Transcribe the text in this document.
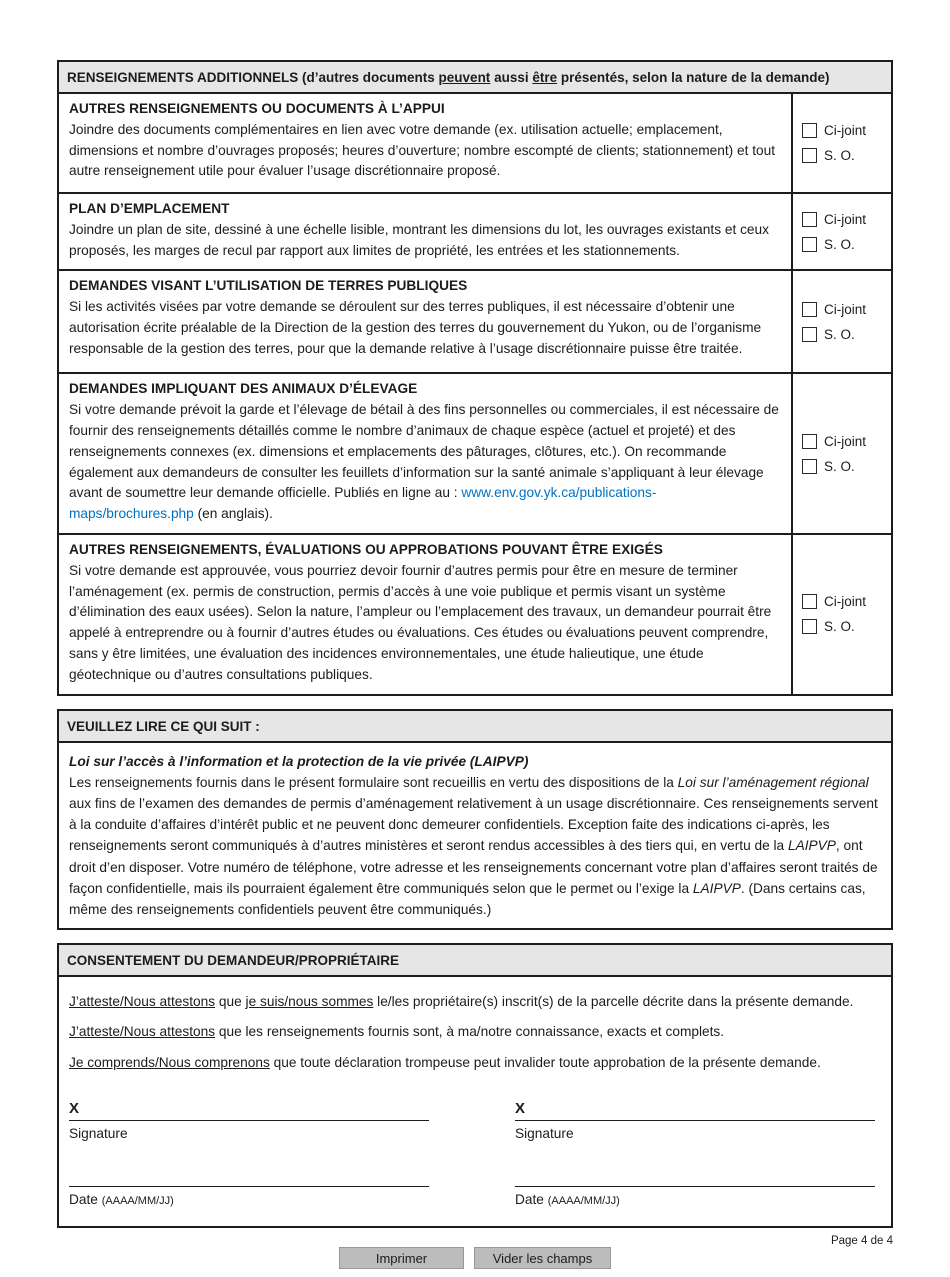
RENSEIGNEMENTS ADDITIONNELS (d’autres documents peuvent aussi être présentés, selon la nature de la demande)
AUTRES RENSEIGNEMENTS OU DOCUMENTS À L’APPUI
Joindre des documents complémentaires en lien avec votre demande (ex. utilisation actuelle; emplacement, dimensions et nombre d’ouvrages proposés; heures d’ouverture; nombre escompté de clients; stationnement) et tout autre renseignement utile pour évaluer l’usage discrétionnaire proposé.
Ci-joint
S. O.
PLAN D’EMPLACEMENT
Joindre un plan de site, dessiné à une échelle lisible, montrant les dimensions du lot, les ouvrages existants et ceux proposés, les marges de recul par rapport aux limites de propriété, les entrées et les stationnements.
Ci-joint
S. O.
DEMANDES VISANT L’UTILISATION DE TERRES PUBLIQUES
Si les activités visées par votre demande se déroulent sur des terres publiques, il est nécessaire d’obtenir une autorisation écrite préalable de la Direction de la gestion des terres du gouvernement du Yukon, ou de l’organisme responsable de la gestion des terres, pour que la demande relative à l’usage discrétionnaire puisse être traitée.
Ci-joint
S. O.
DEMANDES IMPLIQUANT DES ANIMAUX D’ÉLEVAGE
Si votre demande prévoit la garde et l’élevage de bétail à des fins personnelles ou commerciales, il est nécessaire de fournir des renseignements détaillés comme le nombre d’animaux de chaque espèce (actuel et projeté) et des renseignements connexes (ex. dimensions et emplacements des pâturages, clôtures, etc.). On recommande également aux demandeurs de consulter les feuillets d’information sur la santé animale s’appliquant à leur élevage avant de soumettre leur demande officielle. Publiés en ligne au : www.env.gov.yk.ca/publications-maps/brochures.php (en anglais).
Ci-joint
S. O.
AUTRES RENSEIGNEMENTS, ÉVALUATIONS OU APPROBATIONS POUVANT ÊTRE EXIGÉS
Si votre demande est approuvée, vous pourriez devoir fournir d’autres permis pour être en mesure de terminer l’aménagement (ex. permis de construction, permis d’accès à une voie publique et permis visant un système d’élimination des eaux usées). Selon la nature, l’ampleur ou l’emplacement des travaux, un demandeur pourrait être appelé à entreprendre ou à fournir d’autres études ou évaluations. Ces études ou évaluations peuvent comprendre, sans y être limitées, une évaluation des incidences environnementales, une étude halieutique, une étude géotechnique ou d’autres consultations publiques.
Ci-joint
S. O.
VEUILLEZ LIRE CE QUI SUIT :
Loi sur l’accès à l’information et la protection de la vie privée (LAIPVP)
Les renseignements fournis dans le présent formulaire sont recueillis en vertu des dispositions de la Loi sur l’aménagement régional aux fins de l’examen des demandes de permis d’aménagement relativement à un usage discrétionnaire. Ces renseignements servent à la conduite d’affaires d’intérêt public et ne peuvent donc demeurer confidentiels. Exception faite des indications ci-après, les renseignements seront communiqués à d’autres ministères et seront rendus accessibles à des tiers qui, en vertu de la LAIPVP, ont droit d’en disposer. Votre numéro de téléphone, votre adresse et les renseignements concernant votre plan d’affaires seront traités de façon confidentielle, mais ils pourraient également être communiqués selon que le permet ou l’exige la LAIPVP. (Dans certains cas, même des renseignements confidentiels peuvent être communiqués.)
CONSENTEMENT DU DEMANDEUR/PROPRIÉTAIRE

J’atteste/Nous attestons que je suis/nous sommes le/les propriétaire(s) inscrit(s) de la parcelle décrite dans la présente demande.

J’atteste/Nous attestons que les renseignements fournis sont, à ma/notre connaissance, exacts et complets.

Je comprends/Nous comprenons que toute déclaration trompeuse peut invalider toute approbation de la présente demande.

X
Signature
Date (AAAA/MM/JJ)
X
Signature
Date (AAAA/MM/JJ)
Page 4 de 4
Imprimer	Vider les champs
